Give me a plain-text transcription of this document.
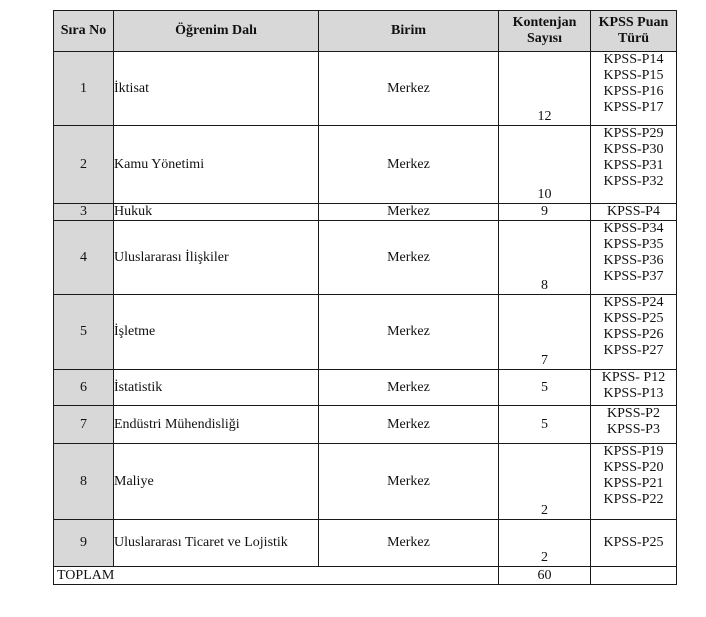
Sıra No	Öğrenim Dalı	Birim	Kontenjan Sayısı	KPSS Puan Türü
1	İktisat	Merkez	12	KPSS-P14
KPSS-P15
KPSS-P16
KPSS-P17

2	Kamu Yönetimi	Merkez	10	KPSS-P29
KPSS-P30
KPSS-P31
KPSS-P32

3	Hukuk	Merkez	9	KPSS-P4

4	Uluslararası İlişkiler	Merkez	8	KPSS-P34
KPSS-P35
KPSS-P36
KPSS-P37

5	İşletme	Merkez	7	KPSS-P24
KPSS-P25
KPSS-P26
KPSS-P27

6	İstatistik	Merkez	5	KPSS- P12
KPSS-P13

7	Endüstri Mühendisliği	Merkez	5	KPSS-P2
KPSS-P3

8	Maliye	Merkez	2	KPSS-P19
KPSS-P20
KPSS-P21
KPSS-P22

9	Uluslararası Ticaret ve Lojistik	Merkez	2	KPSS-P25

TOPLAM			60	
